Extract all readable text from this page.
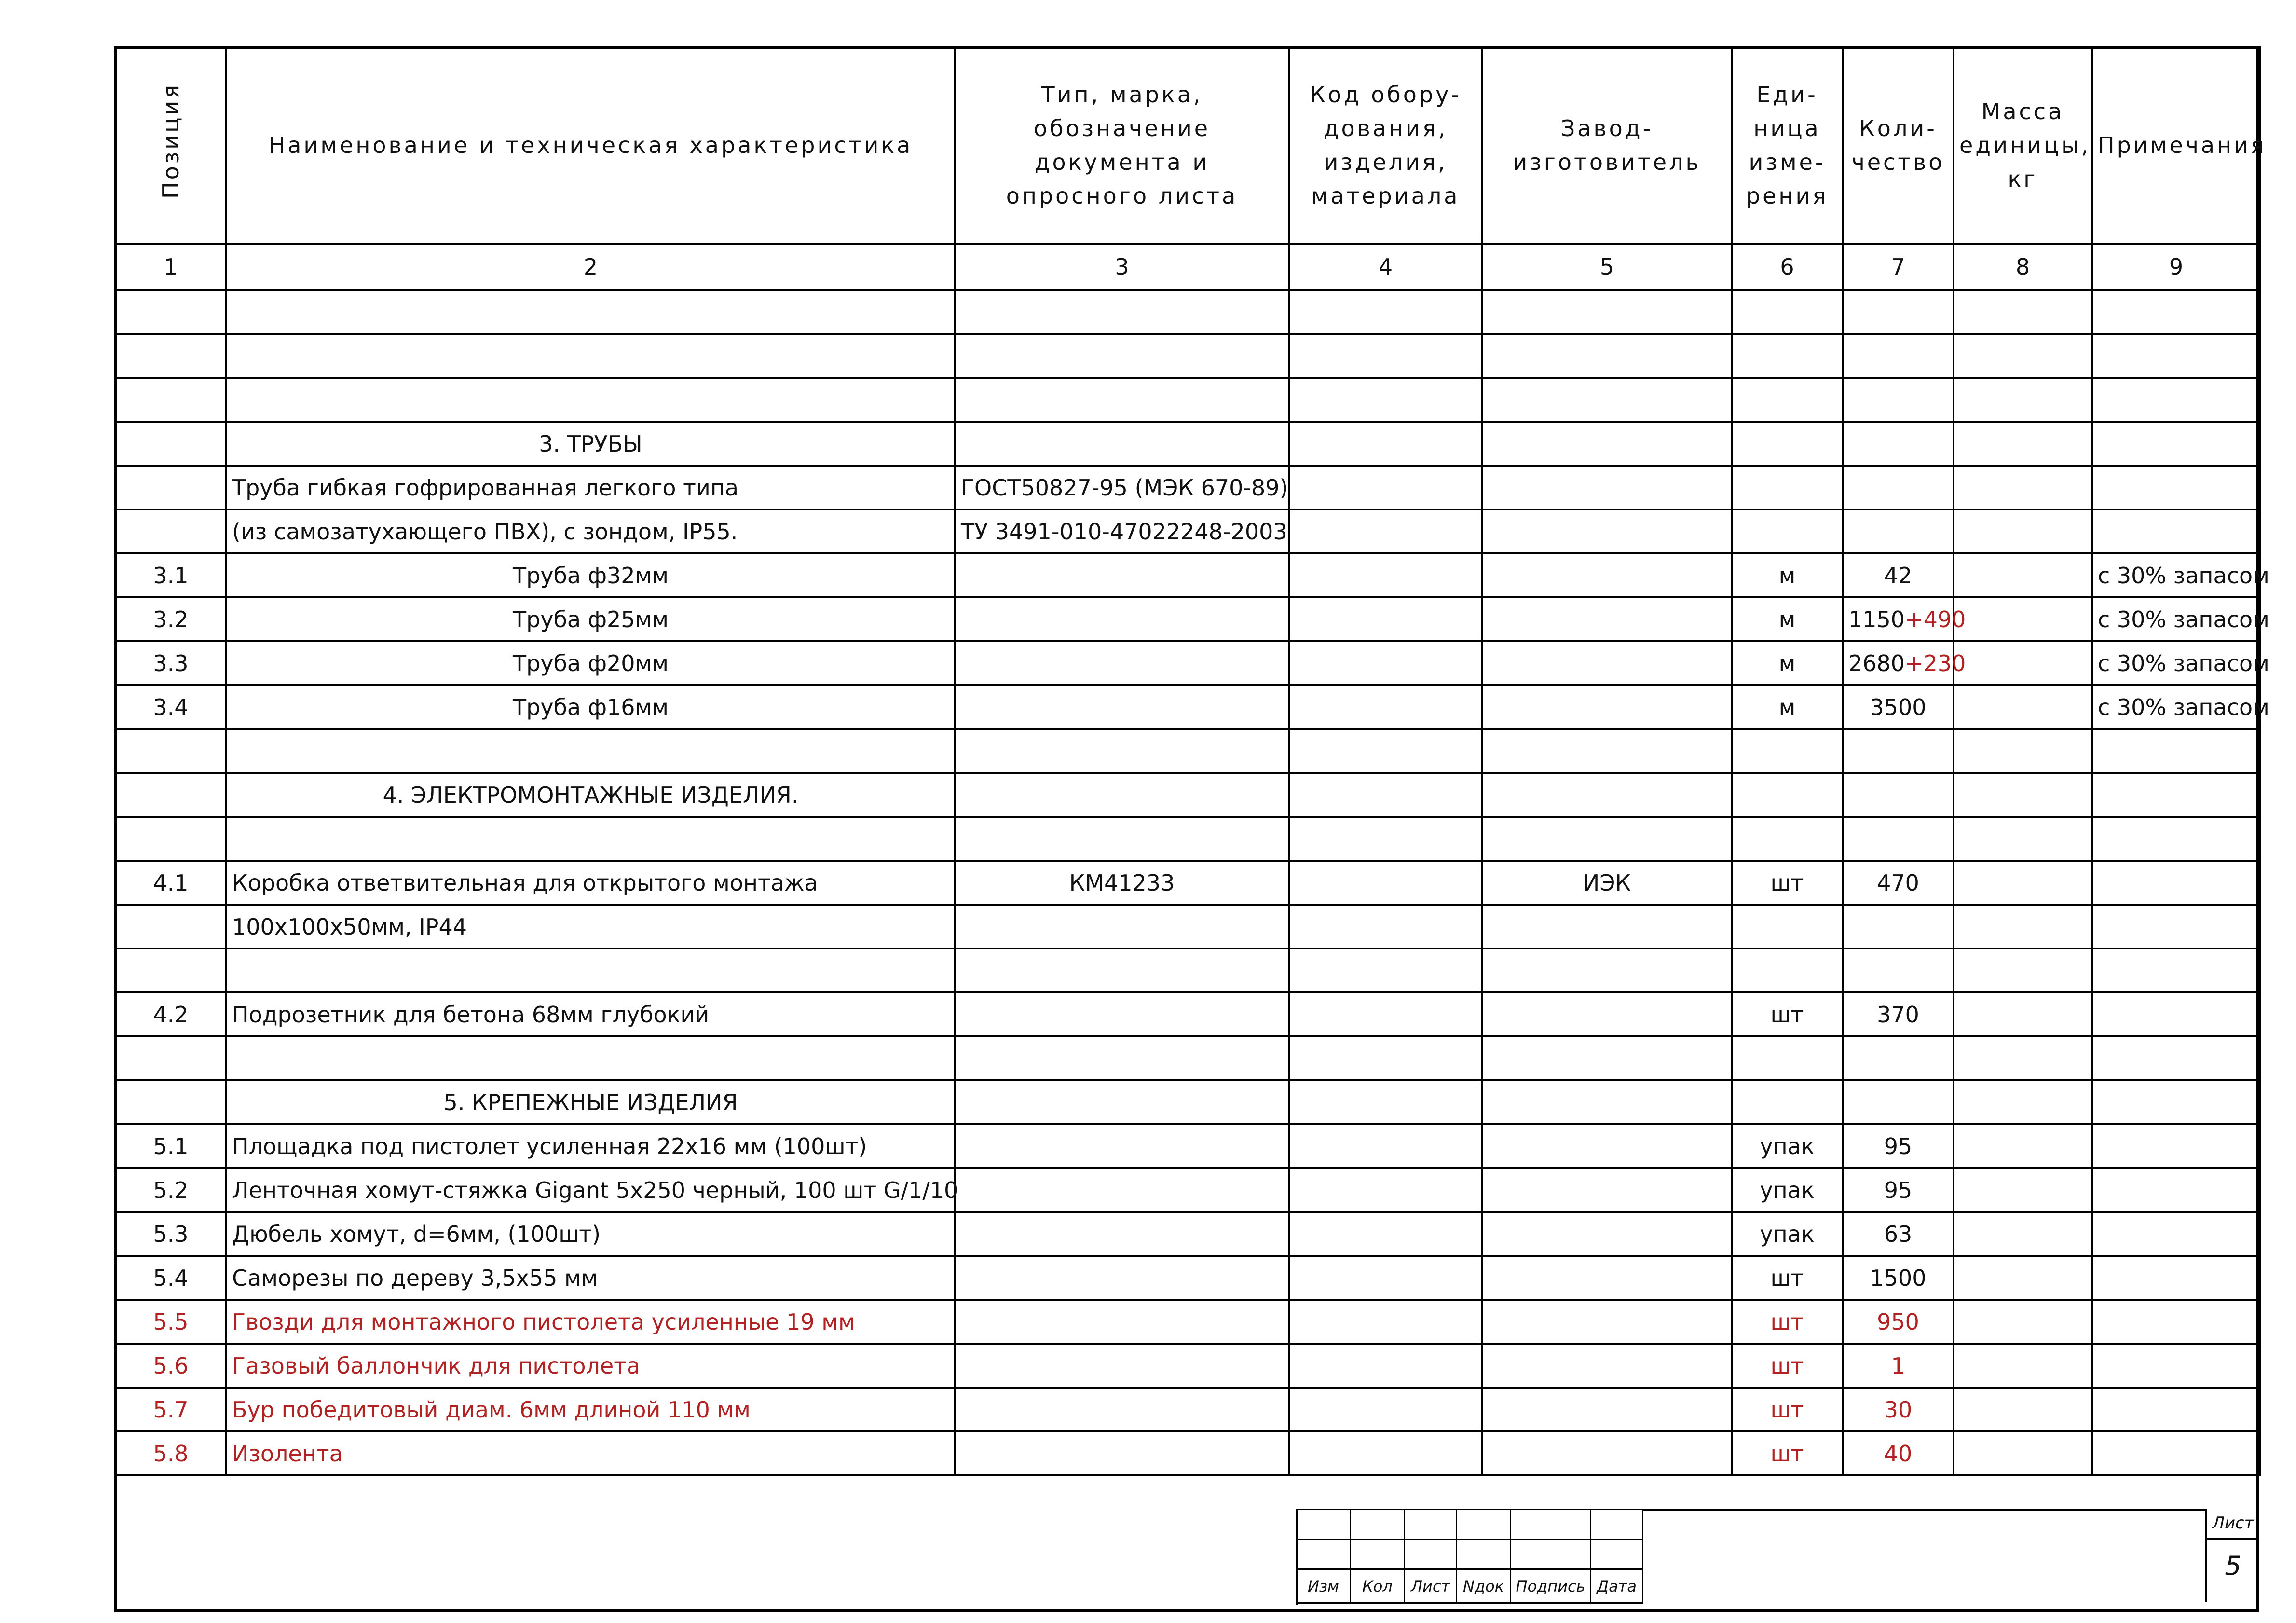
Позиция	Наименование и техническая характеристика	Тип, марка, обозначение документа и опросного листа	Код обору-дования, изделия, материала	Завод-изготовитель	Еди-ница изме-рения	Коли-чество	Масса единицы, кг	Примечания
1	2	3	4	5	6	7	8	9

	3. ТРУБЫ							
	Труба гибкая гофрированная легкого типа	ГОСТ50827-95 (МЭК 670-89)						
	(из самозатухающего ПВХ), с зондом, IP55.	ТУ 3491-010-47022248-2003						
3.1	Труба ф32мм				м	42		с 30% запасом
3.2	Труба ф25мм				м	1150+490		с 30% запасом
3.3	Труба ф20мм				м	2680+230		с 30% запасом
3.4	Труба ф16мм				м	3500		с 30% запасом

	4. ЭЛЕКТРОМОНТАЖНЫЕ ИЗДЕЛИЯ.							

4.1	Коробка ответвительная для открытого монтажа	КМ41233		ИЭК	шт	470		
	100х100х50мм, IP44							

4.2	Подрозетник для бетона 68мм глубокий				шт	370		

	5. КРЕПЕЖНЫЕ ИЗДЕЛИЯ							
5.1	Площадка под пистолет усиленная 22х16 мм (100шт)				упак	95		
5.2	Ленточная хомут-стяжка Gigant 5х250 черный, 100 шт G/1/10				упак	95		
5.3	Дюбель хомут, d=6мм, (100шт)				упак	63		
5.4	Саморезы по дереву 3,5х55 мм				шт	1500		
5.5	Гвозди для монтажного пистолета усиленные 19 мм				шт	950		
5.6	Газовый баллончик для пистолета				шт	1		
5.7	Бур победитовый диам. 6мм длиной 110 мм				шт	30		
5.8	Изолента				шт	40		

Изм	Кол	Лист	Nдок	Подпись	Дата
Лист
5
